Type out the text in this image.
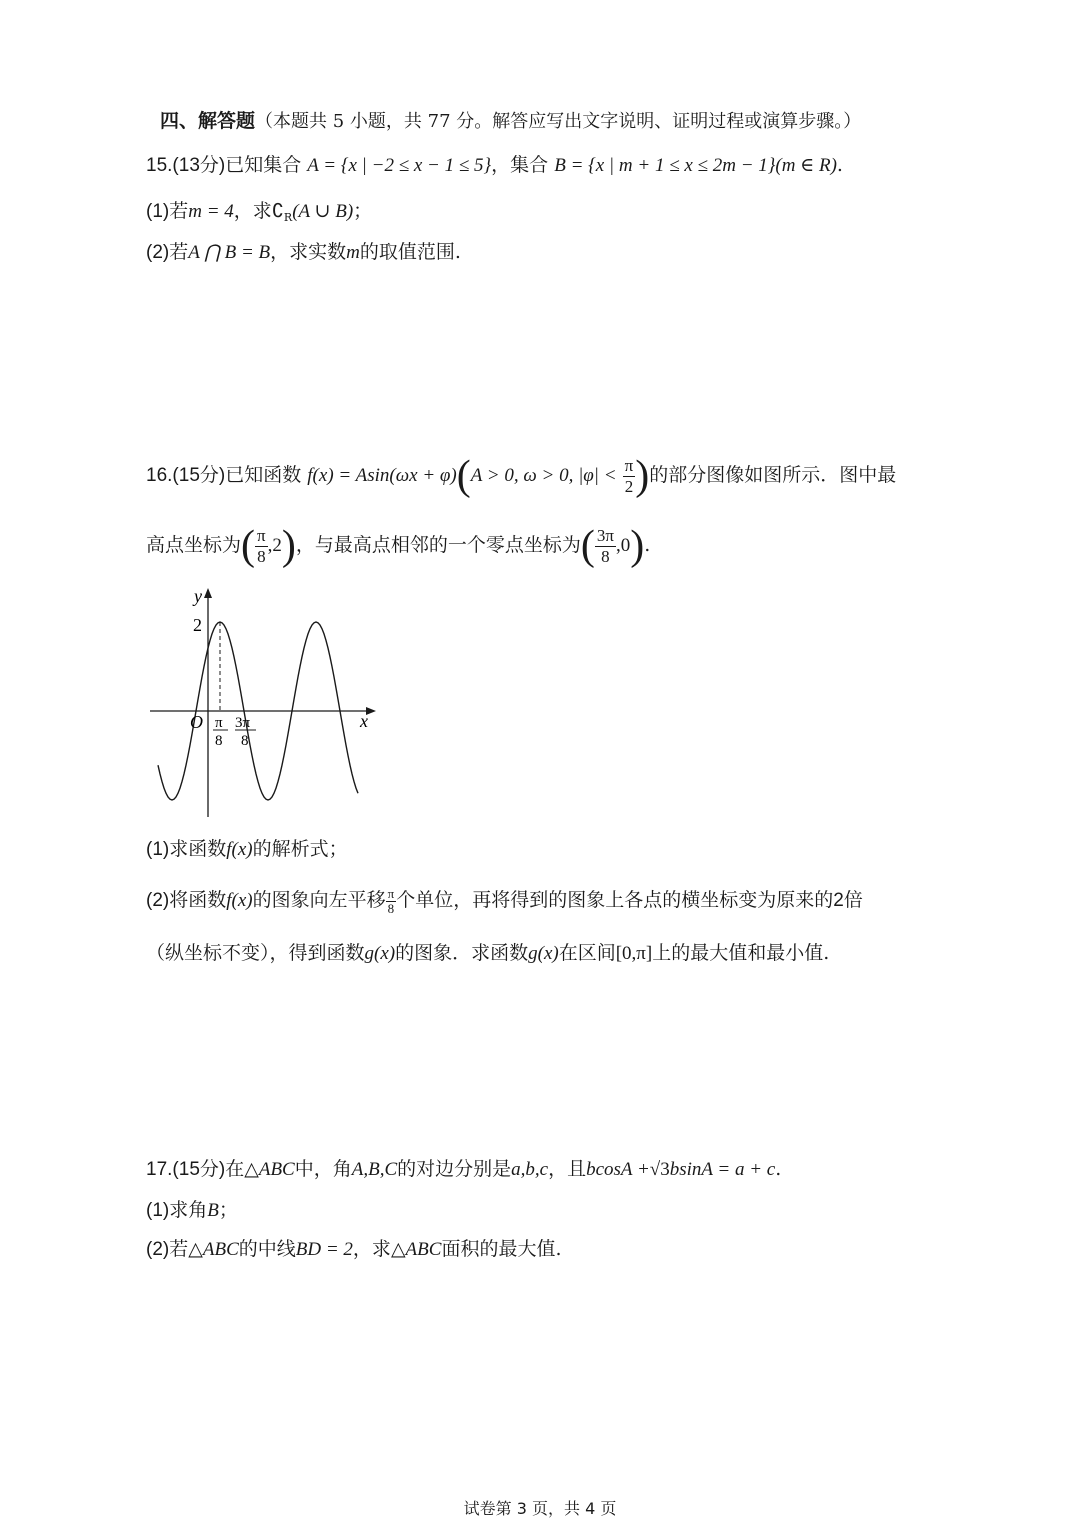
四、解答题（本题共 5 小题，共 77 分。解答应写出文字说明、证明过程或演算步骤。）
15.(13分)已知集合 A = {x | −2 ≤ x − 1 ≤ 5}，集合 B = {x | m + 1 ≤ x ≤ 2m − 1}(m ∈ R).
(1)若m = 4，求$∁_R(A$ ∪ B)；
(2)若A ⋂ B = B，求实数m的取值范围.
16.(15分)已知函数 f(x) = Asin(ωx + φ)(A > 0, ω > 0, $|\varphi| < \frac{\pi}{2}$ )的部分图像如图所示．图中最
高点坐标为( $\frac{\pi}{8} ,2$)，与最高点相邻的一个零点坐标为( $\frac{3\pi}{8} ,0$).
y
x
O
2
π
8
3π
8
(1)求函数f(x)的解析式；
(2)将函数f(x)的图象向左平移 $\frac{\pi}{8}$ 个单位，再将得到的图象上各点的横坐标变为原来的2倍
（纵坐标不变），得到函数g(x)的图象．求函数g(x)在区间[0,π]上的最大值和最小值.
17.(15分)在△ABC中，角A,B,C的对边分别是a,b,c，且bcosA +√3bsinA = a + c.
(1)求角B；
(2)若△ABC的中线BD = 2，求△ABC面积的最大值.
试卷第 3 页，共 4 页
